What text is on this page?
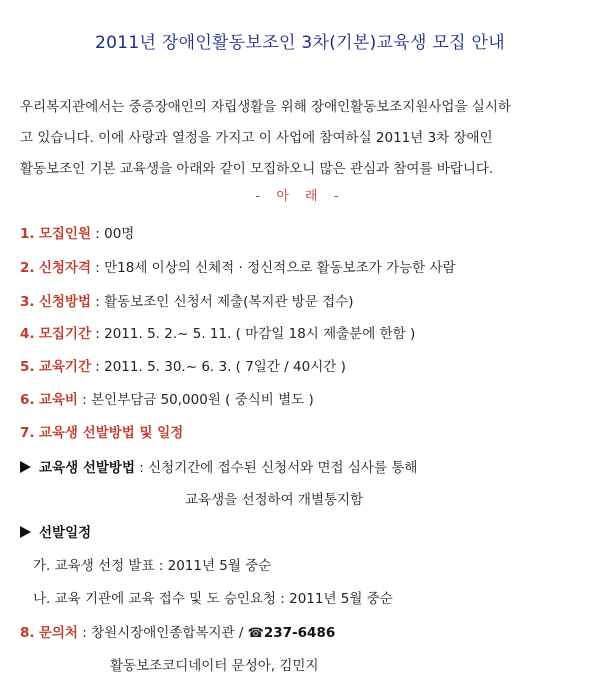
2011년 장애인활동보조인 3차(기본)교육생 모집 안내
우리복지관에서는 중증장애인의 자립생활을 위해 장애인활동보조지원사업을 실시하
고 있습니다. 이에 사랑과 열정을 가지고 이 사업에 참여하실 2011년 3차 장애인
활동보조인 기본 교육생을 아래와 같이 모집하오니 많은 관심과 참여를 바랍니다.
- 아 래 -
1. 모집인원 : 00명
2. 신청자격 : 만18세 이상의 신체적 · 정신적으로 활동보조가 가능한 사람
3. 신청방법 : 활동보조인 신청서 제출(복지관 방문 접수)
4. 모집기간 : 2011. 5. 2.~ 5. 11. ( 마감일 18시 제출분에 한함 )
5. 교육기간 : 2011. 5. 30.~ 6. 3. ( 7일간 / 40시간 )
6. 교육비 : 본인부담금 50,000원 ( 중식비 별도 )
7. 교육생 선발방법 및 일정
교육생 선발방법 : 신청기간에 접수된 신청서와 면접 심사를 통해
교육생을 선정하여 개별통지함
선발일정
가. 교육생 선정 발표 : 2011년 5월 중순
나. 교육 기관에 교육 접수 및 도 승인요청 : 2011년 5월 중순
8. 문의처 : 창원시장애인종합복지관 / ☎237-6486
활동보조코디네이터 문성아, 김민지
